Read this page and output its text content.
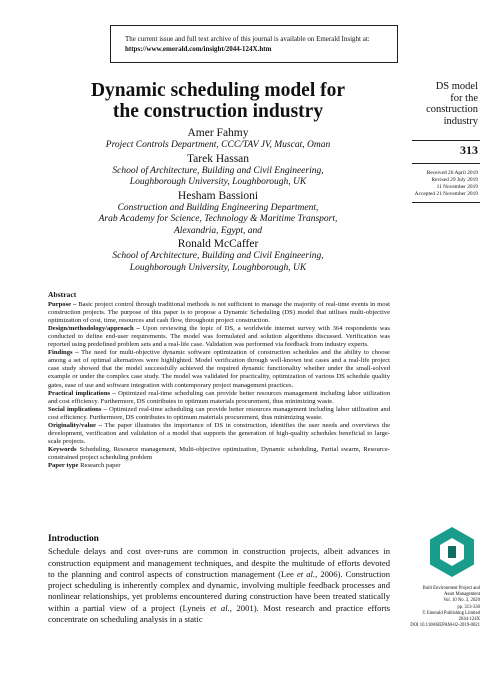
The current issue and full text archive of this journal is available on Emerald Insight at:
https://www.emerald.com/insight/2044-124X.htm
Dynamic scheduling model for
the construction industry
Amer Fahmy
Project Controls Department, CCC/TAV JV, Muscat, Oman
Tarek Hassan
School of Architecture, Building and Civil Engineering,
Loughborough University, Loughborough, UK
Hesham Bassioni
Construction and Building Engineering Department,
Arab Academy for Science, Technology & Maritime Transport,
Alexandria, Egypt, and
Ronald McCaffer
School of Architecture, Building and Civil Engineering,
Loughborough University, Loughborough, UK
DS model
for the
construction
industry
313
Received 26 April 2019
Revised 29 July 2019
11 November 2019
Accepted 21 November 2019
Abstract

Purpose – Basic project control through traditional methods is not sufficient to manage the majority of real-time events in most construction projects. The purpose of this paper is to propose a Dynamic Scheduling (DS) model that utilises multi-objective optimization of cost, time, resources and cash flow, throughout project construction.

Design/methodology/approach – Upon reviewing the topic of DS, a worldwide internet survey with 364 respondents was conducted to define end-user requirements. The model was formulated and solution algorithms discussed. Verification was reported using predefined problem sets and a real-life case. Validation was performed via feedback from industry experts.

Findings – The need for multi-objective dynamic software optimization of construction schedules and the ability to choose among a set of optimal alternatives were highlighted. Model verification through well-known test cases and a real-life project case study showed that the model successfully achieved the required dynamic functionality whether under the small-solved example or under the complex case study. The model was validated for practicality, optimization of various DS schedule quality gates, ease of use and software integration with contemporary project management practices.

Practical implications – Optimized real-time scheduling can provide better resources management including labor utilization and cost efficiency. Furthermore, DS contributes to optimum materials procurement, thus minimizing waste.

Social implications – Optimized real-time scheduling can provide better resources management including labor utilization and cost efficiency. Furthermore, DS contributes to optimum materials procurement, thus minimizing waste.

Originality/value – The paper illustrates the importance of DS in construction, identifies the user needs and overviews the development, verification and validation of a model that supports the generation of high-quality schedules beneficial to large-scale projects.

Keywords Scheduling, Resource management, Multi-objective optimization, Dynamic scheduling, Partial swarm, Resource-constrained project scheduling problem

Paper type Research paper

Introduction

Schedule delays and cost over-runs are common in construction projects, albeit advances in construction equipment and management techniques, and despite the multitude of efforts devoted to the planning and control aspects of construction management (Lee et al., 2006). Construction project scheduling is inherently complex and dynamic, involving multiple feedback processes and nonlinear relationships, yet problems encountered during construction have been treated statically within a partial view of a project (Lyneis et al., 2001). Most research and practice efforts concentrate on scheduling analysis in a static

Built Environment Project and
Asset Management
Vol. 10 No. 3, 2020
pp. 313-330
© Emerald Publishing Limited
2044-124X
DOI 10.1108/BEPAM-02-2019-0021
